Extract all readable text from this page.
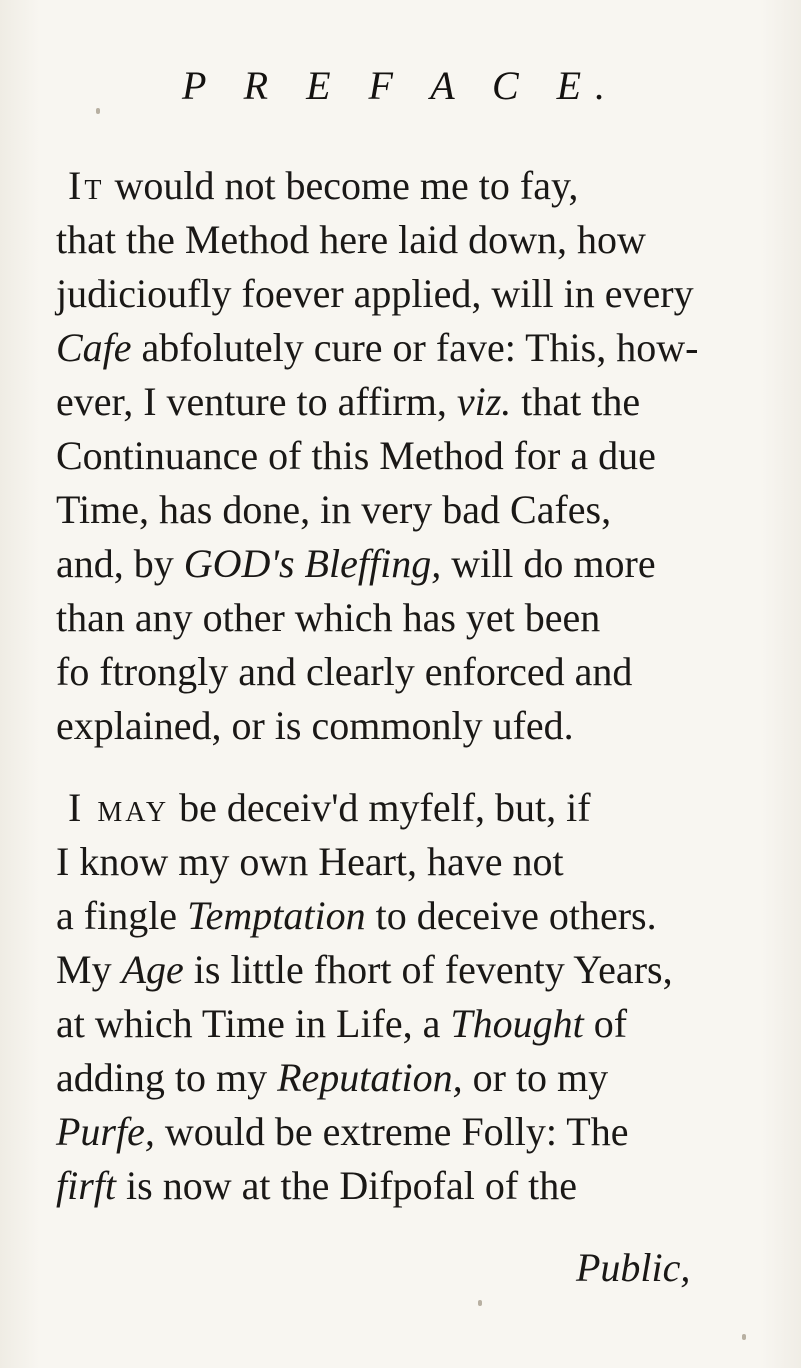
P R E F A C E.
It would not become me to fay,
that the Method here laid down, how
judicioufly foever applied, will in every
Cafe abfolutely cure or fave: This, how-
ever, I venture to affirm, viz. that the
Continuance of this Method for a due
Time, has done, in very bad Cafes,
and, by GOD's Bleffing, will do more
than any other which has yet been
fo ftrongly and clearly enforced and
explained, or is commonly ufed.
I may be deceiv'd myfelf, but, if
I know my own Heart, have not
a fingle Temptation to deceive others.
My Age is little fhort of feventy Years,
at which Time in Life, a Thought of
adding to my Reputation, or to my
Purfe, would be extreme Folly: The
firft is now at the Difpofal of the
Public,
